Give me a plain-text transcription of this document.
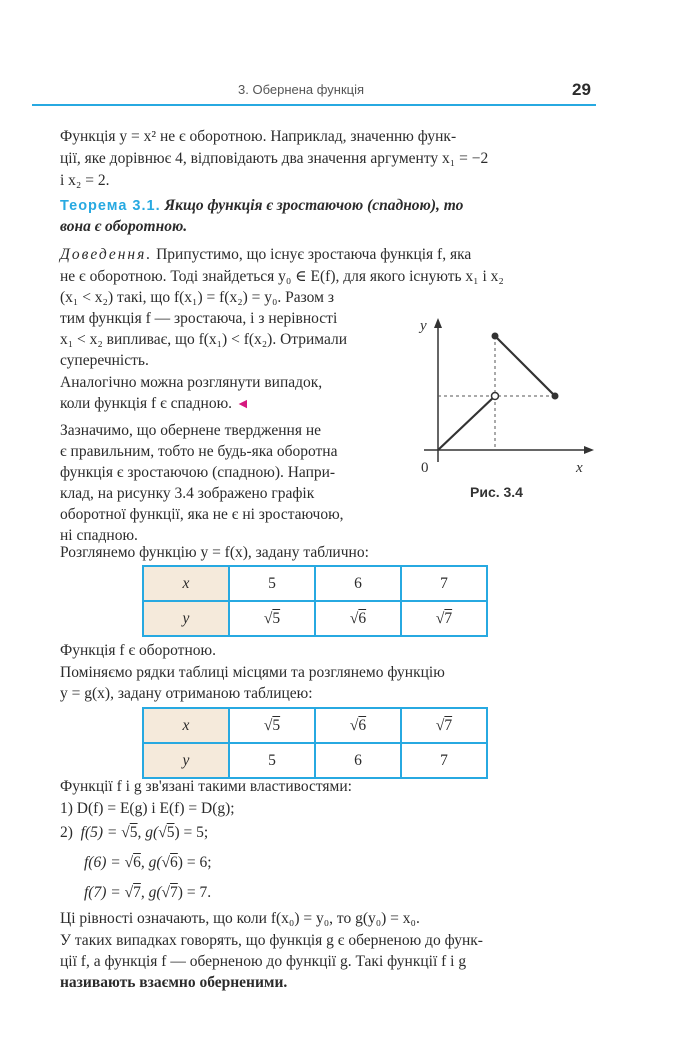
3. Обернена функція	29
Функція y = x² не є оборотною. Наприклад, значенню функ-
ції, яке дорівнює 4, відповідають два значення аргументу x₁ = −2
і x₂ = 2.
Теорема 3.1. Якщо функція є зростаючою (спадною), то
вона є оборотною.
Доведення. Припустимо, що існує зростаюча функція f, яка
не є оборотною. Тоді знайдеться y₀ ∈ E(f), для якого існують x₁ і x₂
(x₁ < x₂) такі, що f(x₁) = f(x₂) = y₀. Разом з
тим функція f — зростаюча, і з нерівності
x₁ < x₂ випливає, що f(x₁) < f(x₂). Отримали
суперечність.
Аналогічно можна розглянути випадок,
коли функція f є спадною. ◄
Зазначимо, що обернене твердження не
є правильним, тобто не будь-яка оборотна
функція є зростаючою (спадною). Напри-
клад, на рисунку 3.4 зображено графік
оборотної функції, яка не є ні зростаючою,
ні спадною.
y
x
0
Рис. 3.4
Розглянемо функцію y = f(x), задану таблично:
x	5	6	7
y	√5	√6	√7
Функція f є оборотною.
Поміняємо рядки таблиці місцями та розглянемо функцію
y = g(x), задану отриманою таблицею:
x	√5	√6	√7
y	5	6	7
Функції f і g зв'язані такими властивостями:
1) D(f) = E(g) і E(f) = D(g);
2) f(5) = √5, g(√5) = 5;
f(6) = √6, g(√6) = 6;
f(7) = √7, g(√7) = 7.
Ці рівності означають, що коли f(x₀) = y₀, то g(y₀) = x₀.
У таких випадках говорять, що функція g є оберненою до функ-
ції f, а функція f — оберненою до функції g. Такі функції f і g
називають взаємно оберненими.
